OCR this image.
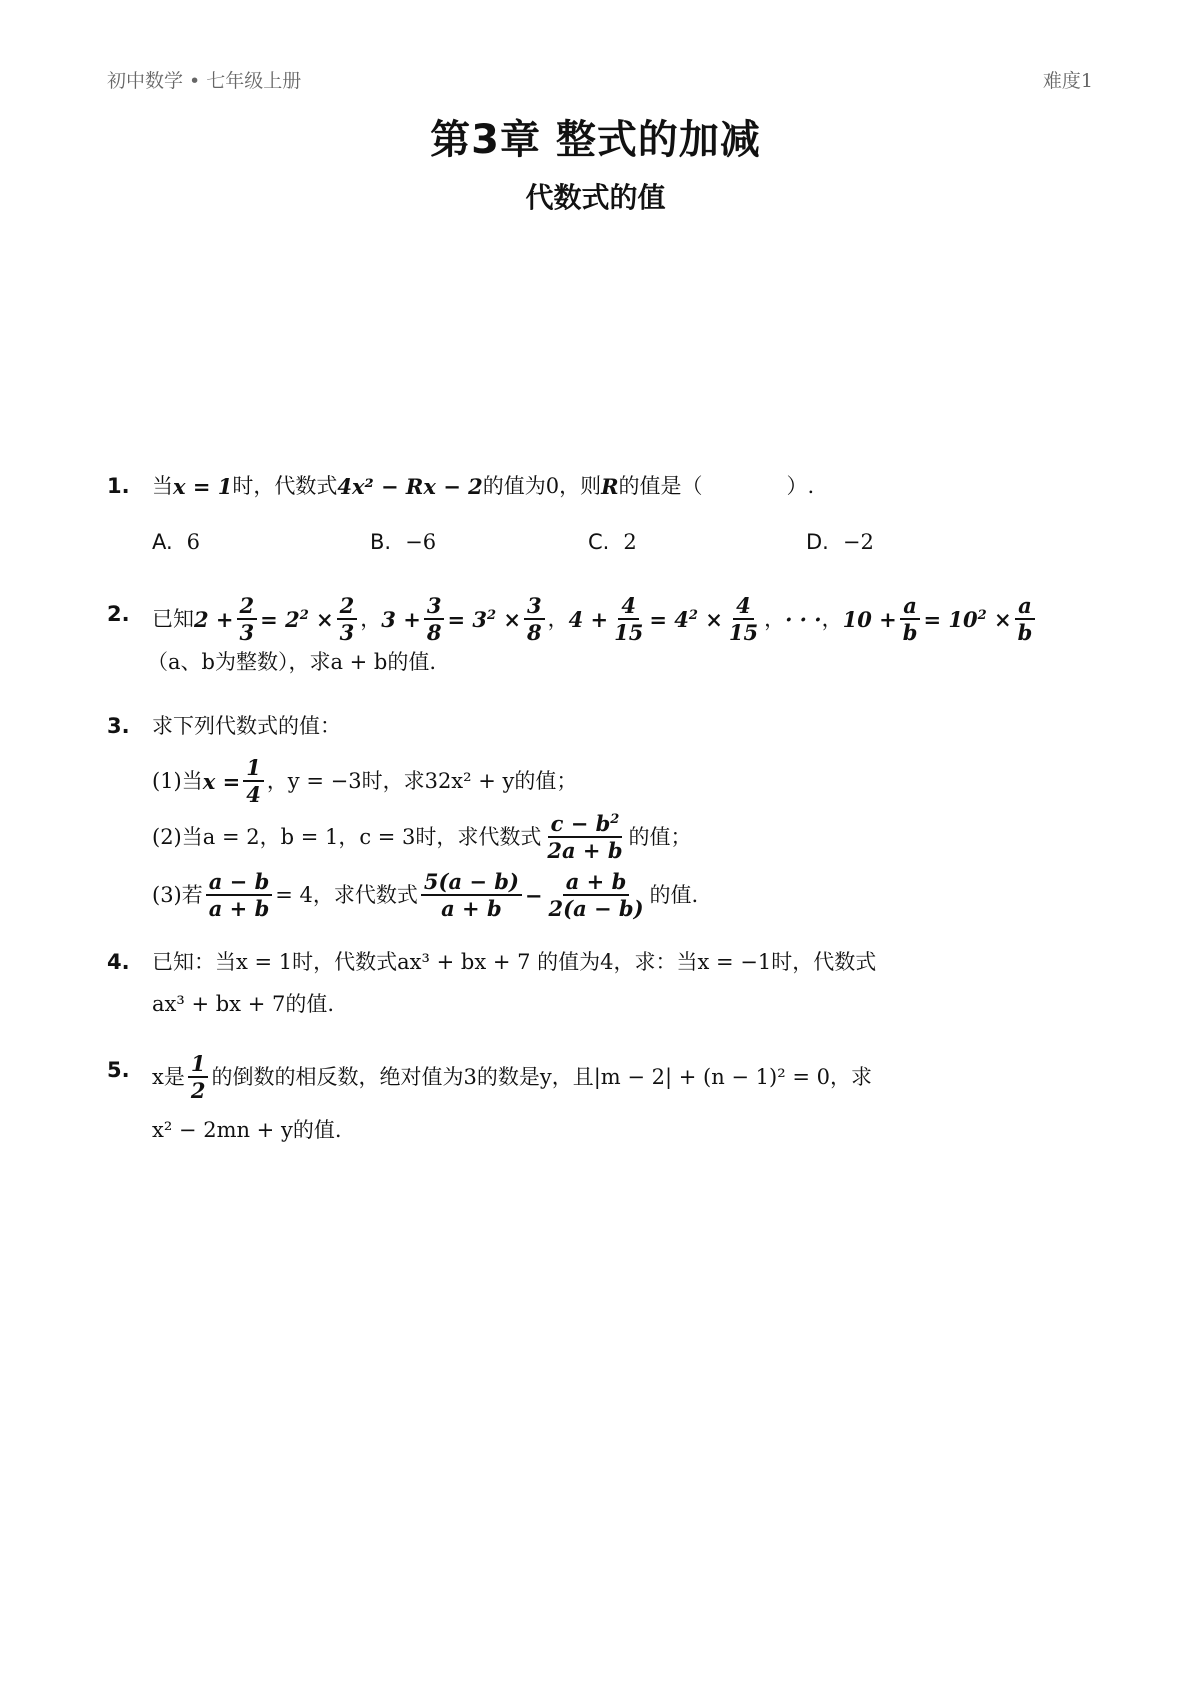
初中数学 • 七年级上册	难度1
第3章 整式的加减
代数式的值
1. 当 x = 1 时，代数式 4x² − Rx − 2 的值为0，则 R 的值是（　　　　）.
A. 6	B. −6	C. 2	D. −2
2. 已知 $2 + \frac{2}{3} = 2^2 \times \frac{2}{3}$ ， $3 + \frac{3}{8} = 3^2 \times \frac{3}{8}$ ， $4 + \frac{4}{15} = 4^2 \times \frac{4}{15}$ ， · · · ， $10 + \frac{a}{b} = 10^2 \times \frac{a}{b}$
（a、b为整数），求a + b的值.
3. 求下列代数式的值：
(1)当 $x = \frac{1}{4}$ ，y = −3时，求32x² + y的值；
(2)当a = 2，b = 1，c = 3时，求代数式 $\frac{c - b^2}{2a + b}$ 的值；
(3)若 $\frac{a - b}{a + b} = 4$，求代数式 $\frac{5(a - b)}{a + b} - \frac{a + b}{2(a - b)}$ 的值.
4. 已知：当x = 1时，代数式ax³ + bx + 7 的值为4，求：当x = −1时，代数式
ax³ + bx + 7的值.
5. x是 $\frac{1}{2}$ 的倒数的相反数，绝对值为3的数是y，且|m − 2| + (n − 1)² = 0，求
x² − 2mn + y的值.
